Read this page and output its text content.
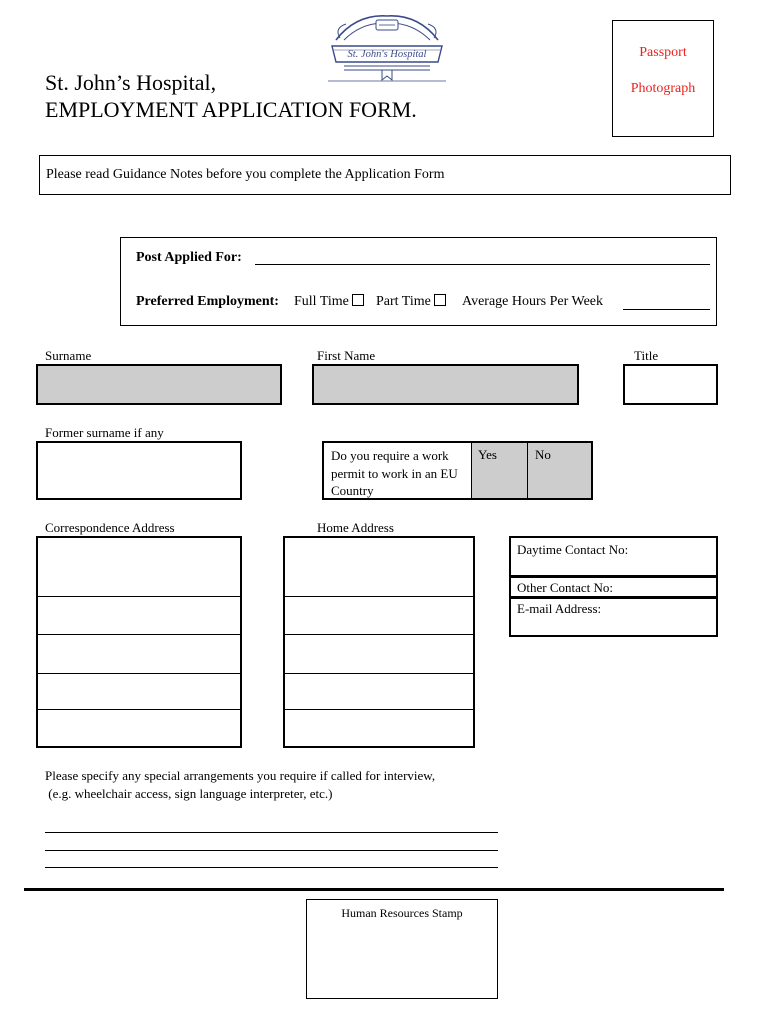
St. John's Hospital
St. John’s Hospital,
EMPLOYMENT APPLICATION FORM.
Passport
Photograph
Please read Guidance Notes before you complete the Application Form
Post Applied For:
Preferred Employment: Full Time	Part Time	Average Hours Per Week
Surname	First Name	Title
Former surname if any
Do you require a work permit to work in an EU Country
Yes	No
Correspondence Address	Home Address
Daytime Contact No:
Other Contact No:
E-mail Address:
Please specify any special arrangements you require if called for interview,
(e.g. wheelchair access, sign language interpreter, etc.)
Human Resources Stamp
